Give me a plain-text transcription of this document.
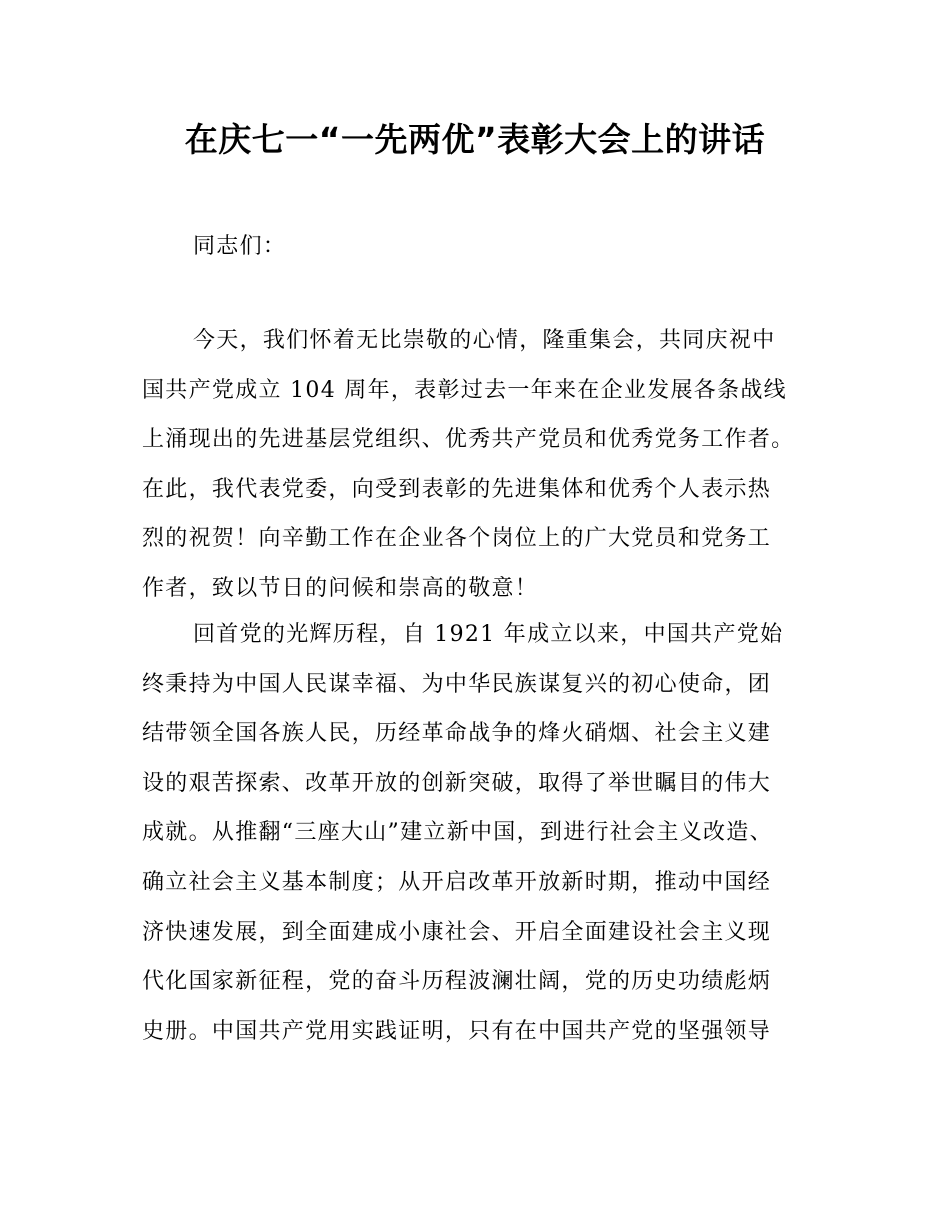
在庆七一“一先两优”表彰大会上的讲话
同志们：
今天，我们怀着无比崇敬的心情，隆重集会，共同庆祝中
国共产党成立 104 周年，表彰过去一年来在企业发展各条战线
上涌现出的先进基层党组织、优秀共产党员和优秀党务工作者。
在此，我代表党委，向受到表彰的先进集体和优秀个人表示热
烈的祝贺！向辛勤工作在企业各个岗位上的广大党员和党务工
作者，致以节日的问候和崇高的敬意！
回首党的光辉历程，自 1921 年成立以来，中国共产党始
终秉持为中国人民谋幸福、为中华民族谋复兴的初心使命，团
结带领全国各族人民，历经革命战争的烽火硝烟、社会主义建
设的艰苦探索、改革开放的创新突破，取得了举世瞩目的伟大
成就。从推翻“三座大山”建立新中国，到进行社会主义改造、
确立社会主义基本制度；从开启改革开放新时期，推动中国经
济快速发展，到全面建成小康社会、开启全面建设社会主义现
代化国家新征程，党的奋斗历程波澜壮阔，党的历史功绩彪炳
史册。中国共产党用实践证明，只有在中国共产党的坚强领导
